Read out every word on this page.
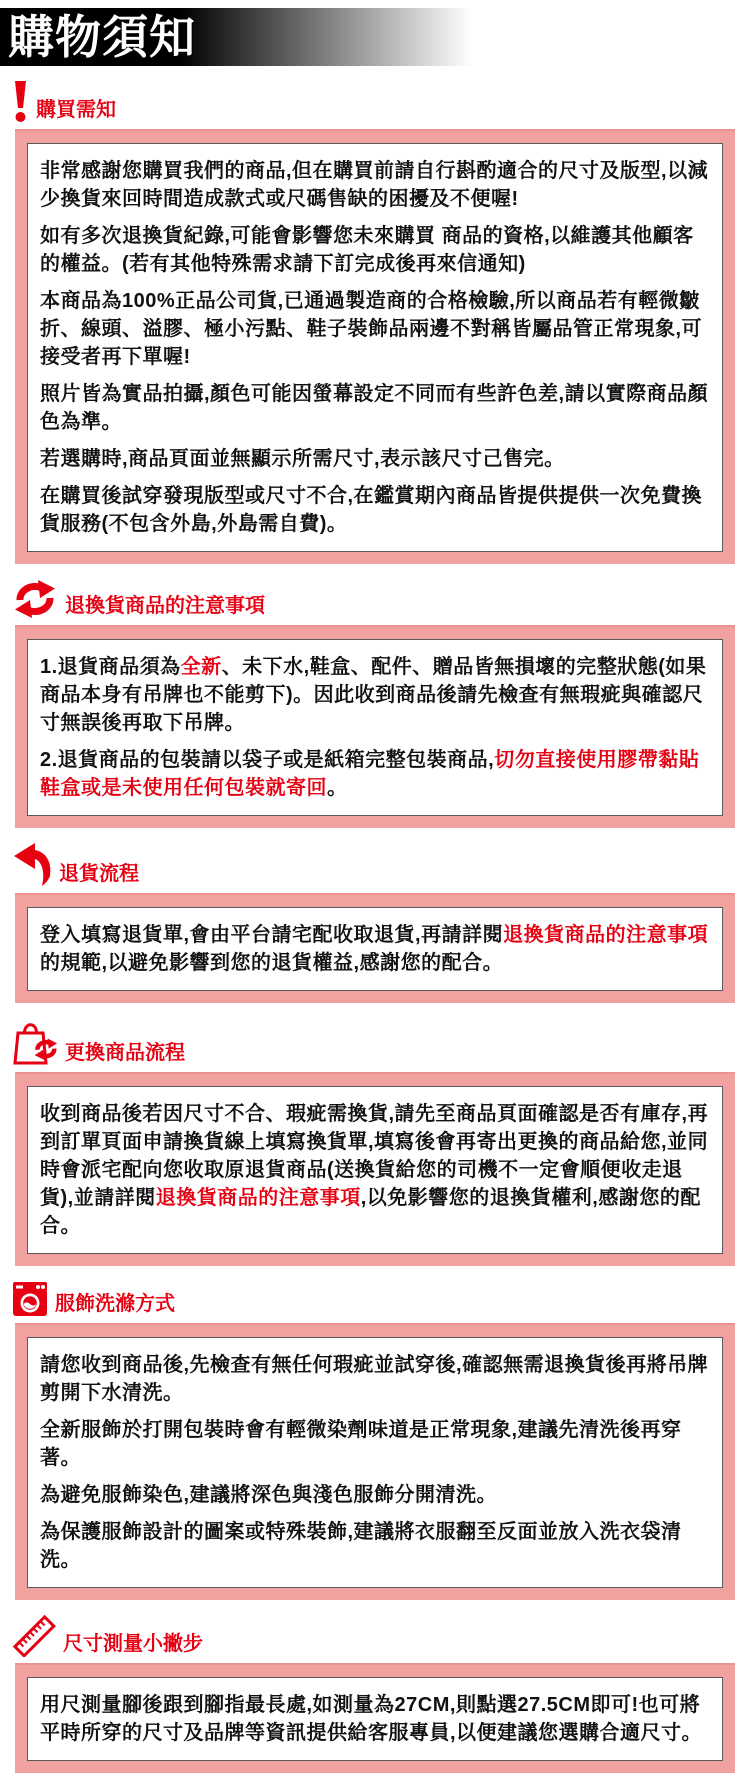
購物須知
購買需知

非常感謝您購買我們的商品,但在購買前請自行斟酌適合的尺寸及版型,以減少換貨來回時間造成款式或尺碼售缺的困擾及不便喔!

如有多次退換貨紀錄,可能會影響您未來購買 商品的資格,以維護其他顧客的權益。(若有其他特殊需求請下訂完成後再來信通知)

本商品為100%正品公司貨,已通過製造商的合格檢驗,所以商品若有輕微皺折、線頭、溢膠、極小污點、鞋子裝飾品兩邊不對稱皆屬品管正常現象,可接受者再下單喔!

照片皆為實品拍攝,顏色可能因螢幕設定不同而有些許色差,請以實際商品顏色為準。

若選購時,商品頁面並無顯示所需尺寸,表示該尺寸己售完。

在購買後試穿發現版型或尺寸不合,在鑑賞期內商品皆提供提供一次免費換貨服務(不包含外島,外島需自費)。

退換貨商品的注意事項

1.退貨商品須為全新、未下水,鞋盒、配件、贈品皆無損壞的完整狀態(如果商品本身有吊牌也不能剪下)。因此收到商品後請先檢查有無瑕疵與確認尺寸無誤後再取下吊牌。

2.退貨商品的包裝請以袋子或是紙箱完整包裝商品,切勿直接使用膠帶黏貼鞋盒或是未使用任何包裝就寄回。

退貨流程

登入填寫退貨單,會由平台請宅配收取退貨,再請詳閱退換貨商品的注意事項的規範,以避免影響到您的退貨權益,感謝您的配合。

更換商品流程

收到商品後若因尺寸不合、瑕疵需換貨,請先至商品頁面確認是否有庫存,再到訂單頁面申請換貨線上填寫換貨單,填寫後會再寄出更換的商品給您,並同時會派宅配向您收取原退貨商品(送換貨給您的司機不一定會順便收走退貨),並請詳閱退換貨商品的注意事項,以免影響您的退換貨權利,感謝您的配合。

服飾洗滌方式

請您收到商品後,先檢查有無任何瑕疵並試穿後,確認無需退換貨後再將吊牌剪開下水清洗。

全新服飾於打開包裝時會有輕微染劑味道是正常現象,建議先清洗後再穿著。

為避免服飾染色,建議將深色與淺色服飾分開清洗。

為保護服飾設計的圖案或特殊裝飾,建議將衣服翻至反面並放入洗衣袋清洗。

尺寸測量小撇步

用尺測量腳後跟到腳指最長處,如測量為27CM,則點選27.5CM即可!也可將平時所穿的尺寸及品牌等資訊提供給客服專員,以便建議您選購合適尺寸。
